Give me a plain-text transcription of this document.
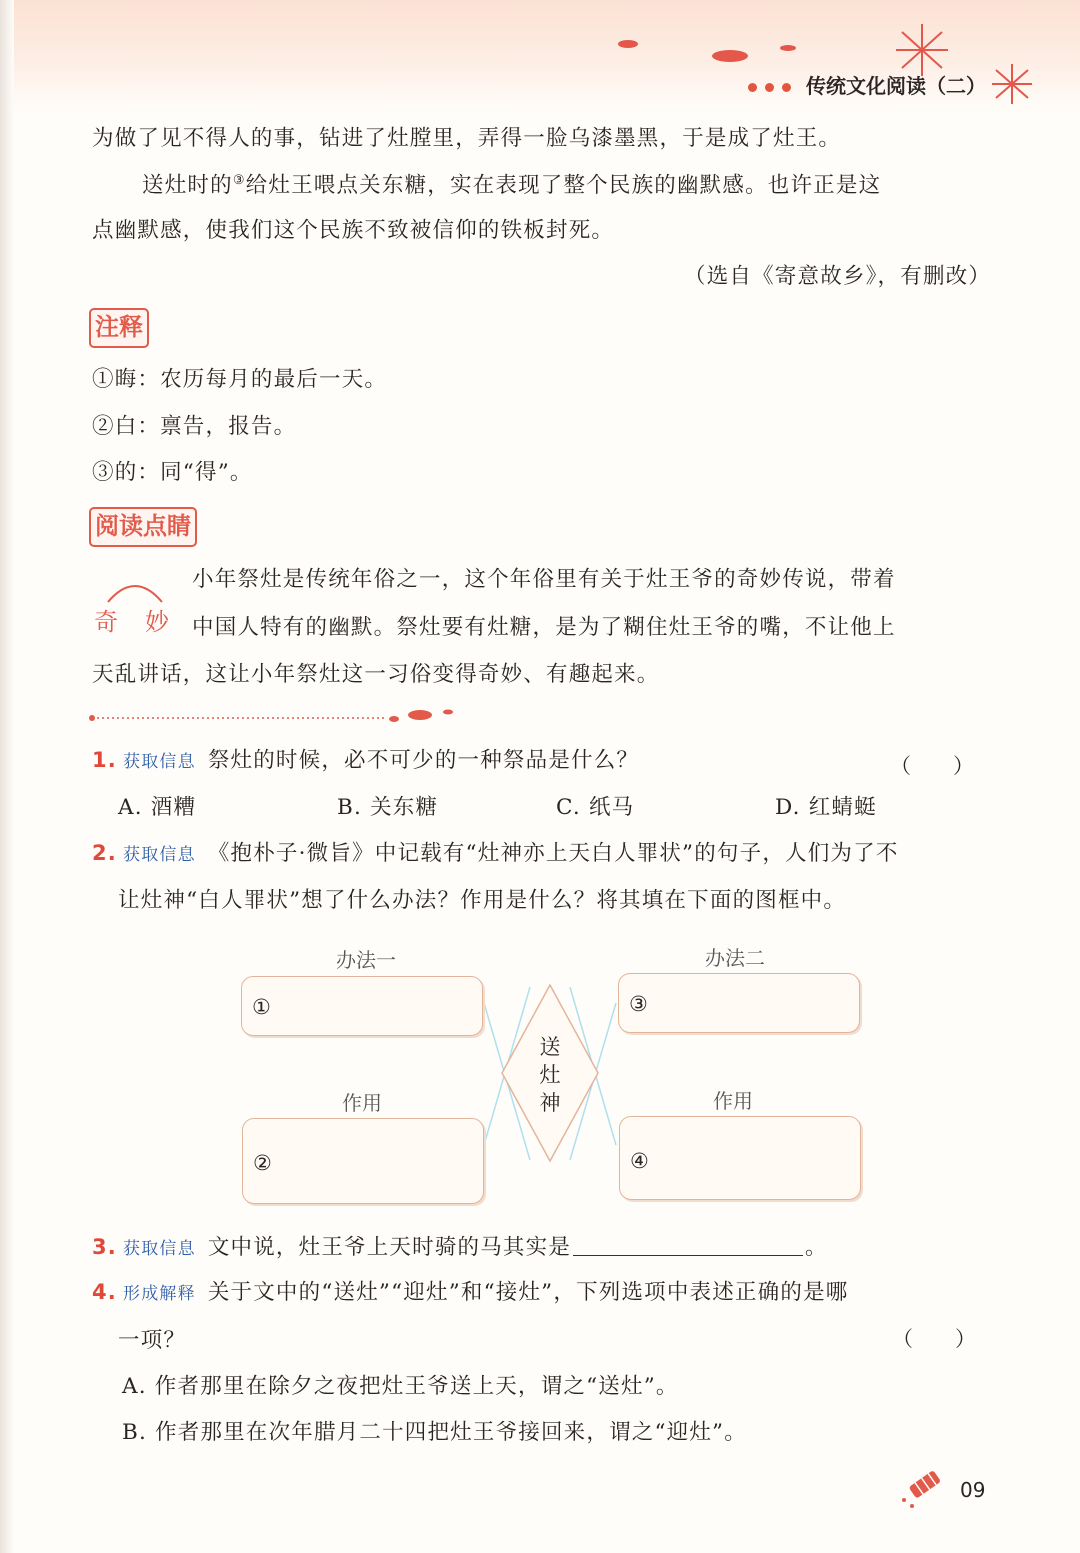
传统文化阅读（二）
为做了见不得人的事，钻进了灶膛里，弄得一脸乌漆墨黑，于是成了灶王。
送灶时的③给灶王喂点关东糖，实在表现了整个民族的幽默感。也许正是这
点幽默感，使我们这个民族不致被信仰的铁板封死。
（选自《寄意故乡》，有删改）
注释
①晦：农历每月的最后一天。
②白：禀告，报告。
③的：同“得”。
阅读点睛
奇 妙
小年祭灶是传统年俗之一，这个年俗里有关于灶王爷的奇妙传说，带着
中国人特有的幽默。祭灶要有灶糖，是为了糊住灶王爷的嘴，不让他上
天乱讲话，这让小年祭灶这一习俗变得奇妙、有趣起来。
1. 获取信息 祭灶的时候，必不可少的一种祭品是什么？	（　　）
A. 酒糟	B. 关东糖	C. 纸马	D. 红蜻蜓
2. 获取信息 《抱朴子·微旨》中记载有“灶神亦上天白人罪状”的句子，人们为了不
让灶神“白人罪状”想了什么办法？作用是什么？将其填在下面的图框中。
送
灶
神
办法一	办法二
作用	作用
①	③
②	④
3. 获取信息 文中说，灶王爷上天时骑的马其实是	。
4. 形成解释 关于文中的“送灶”“迎灶”和“接灶”，下列选项中表述正确的是哪
一项？	（　　）
A. 作者那里在除夕之夜把灶王爷送上天，谓之“送灶”。
B. 作者那里在次年腊月二十四把灶王爷接回来，谓之“迎灶”。
09
